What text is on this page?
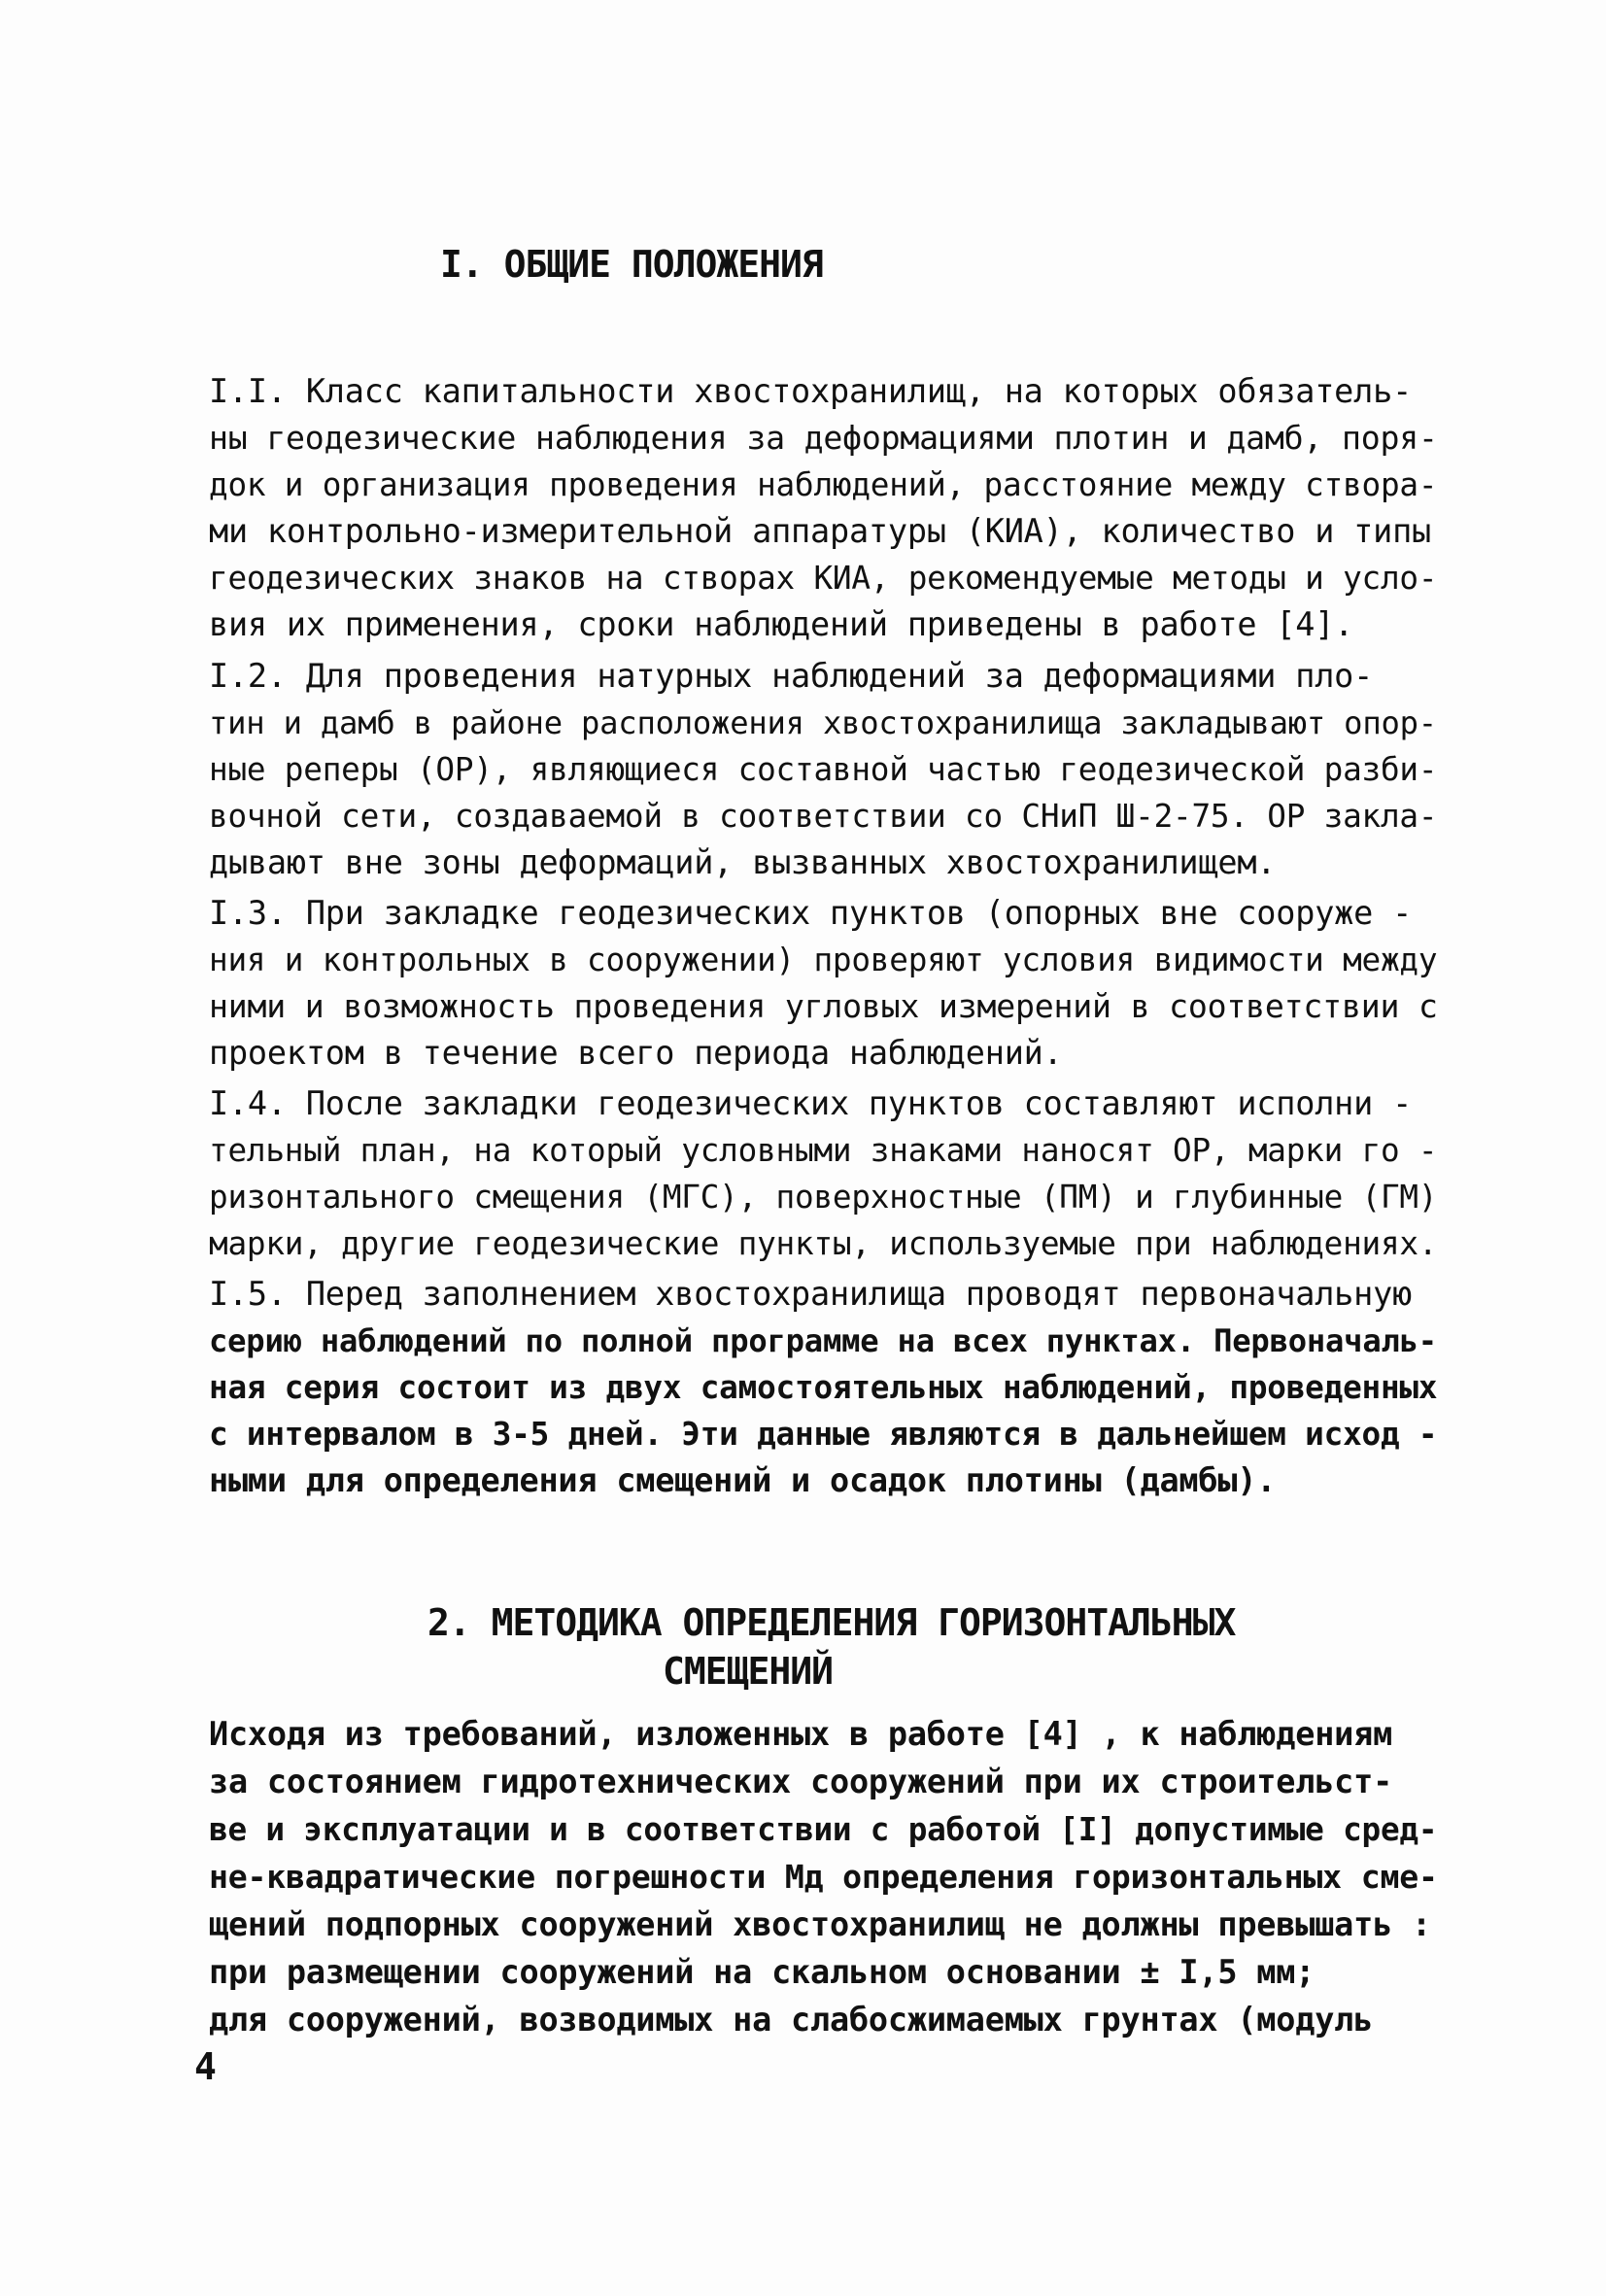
I. ОБЩИЕ ПОЛОЖЕНИЯ
I.I. Класс капитальности хвостохранилищ, на которых обязатель-
ны геодезические наблюдения за деформациями плотин и дамб, поря-
док и организация проведения наблюдений, расстояние между створа-
ми контрольно-измерительной аппаратуры (КИА), количество и типы
геодезических знаков на створах КИА, рекомендуемые методы и усло-
вия их применения, сроки наблюдений приведены в работе [4].
I.2. Для проведения натурных наблюдений за деформациями пло-
тин и дамб в районе расположения хвостохранилища закладывают опор-
ные реперы (ОР), являющиеся составной частью геодезической разби-
вочной сети, создаваемой в соответствии со СНиП Ш-2-75. ОР закла-
дывают вне зоны деформаций, вызванных хвостохранилищем.
I.3. При закладке геодезических пунктов (опорных вне сооруже -
ния и контрольных в сооружении) проверяют условия видимости между
ними и возможность проведения угловых измерений в соответствии с
проектом в течение всего периода наблюдений.
I.4. После закладки геодезических пунктов составляют исполни -
тельный план, на который условными знаками наносят ОР, марки го -
ризонтального смещения (МГС), поверхностные (ПМ) и глубинные (ГМ)
марки, другие геодезические пункты, используемые при наблюдениях.
I.5. Перед заполнением хвостохранилища проводят первоначальную
серию наблюдений по полной программе на всех пунктах. Первоначаль-
ная серия состоит из двух самостоятельных наблюдений, проведенных
с интервалом в 3-5 дней. Эти данные являются в дальнейшем исход -
ными для определения смещений и осадок плотины (дамбы).
2. МЕТОДИКА ОПРЕДЕЛЕНИЯ ГОРИЗОНТАЛЬНЫХ
СМЕЩЕНИЙ
Исходя из требований, изложенных в работе [4] , к наблюдениям
за состоянием гидротехнических сооружений при их строительст-
ве и эксплуатации и в соответствии с работой [I] допустимые сред-
не-квадратические погрешности Mд определения горизонтальных сме-
щений подпорных сооружений хвостохранилищ не должны превышать :
при размещении сооружений на скальном основании ± I,5 мм;
для сооружений, возводимых на слабосжимаемых грунтах (модуль
4
